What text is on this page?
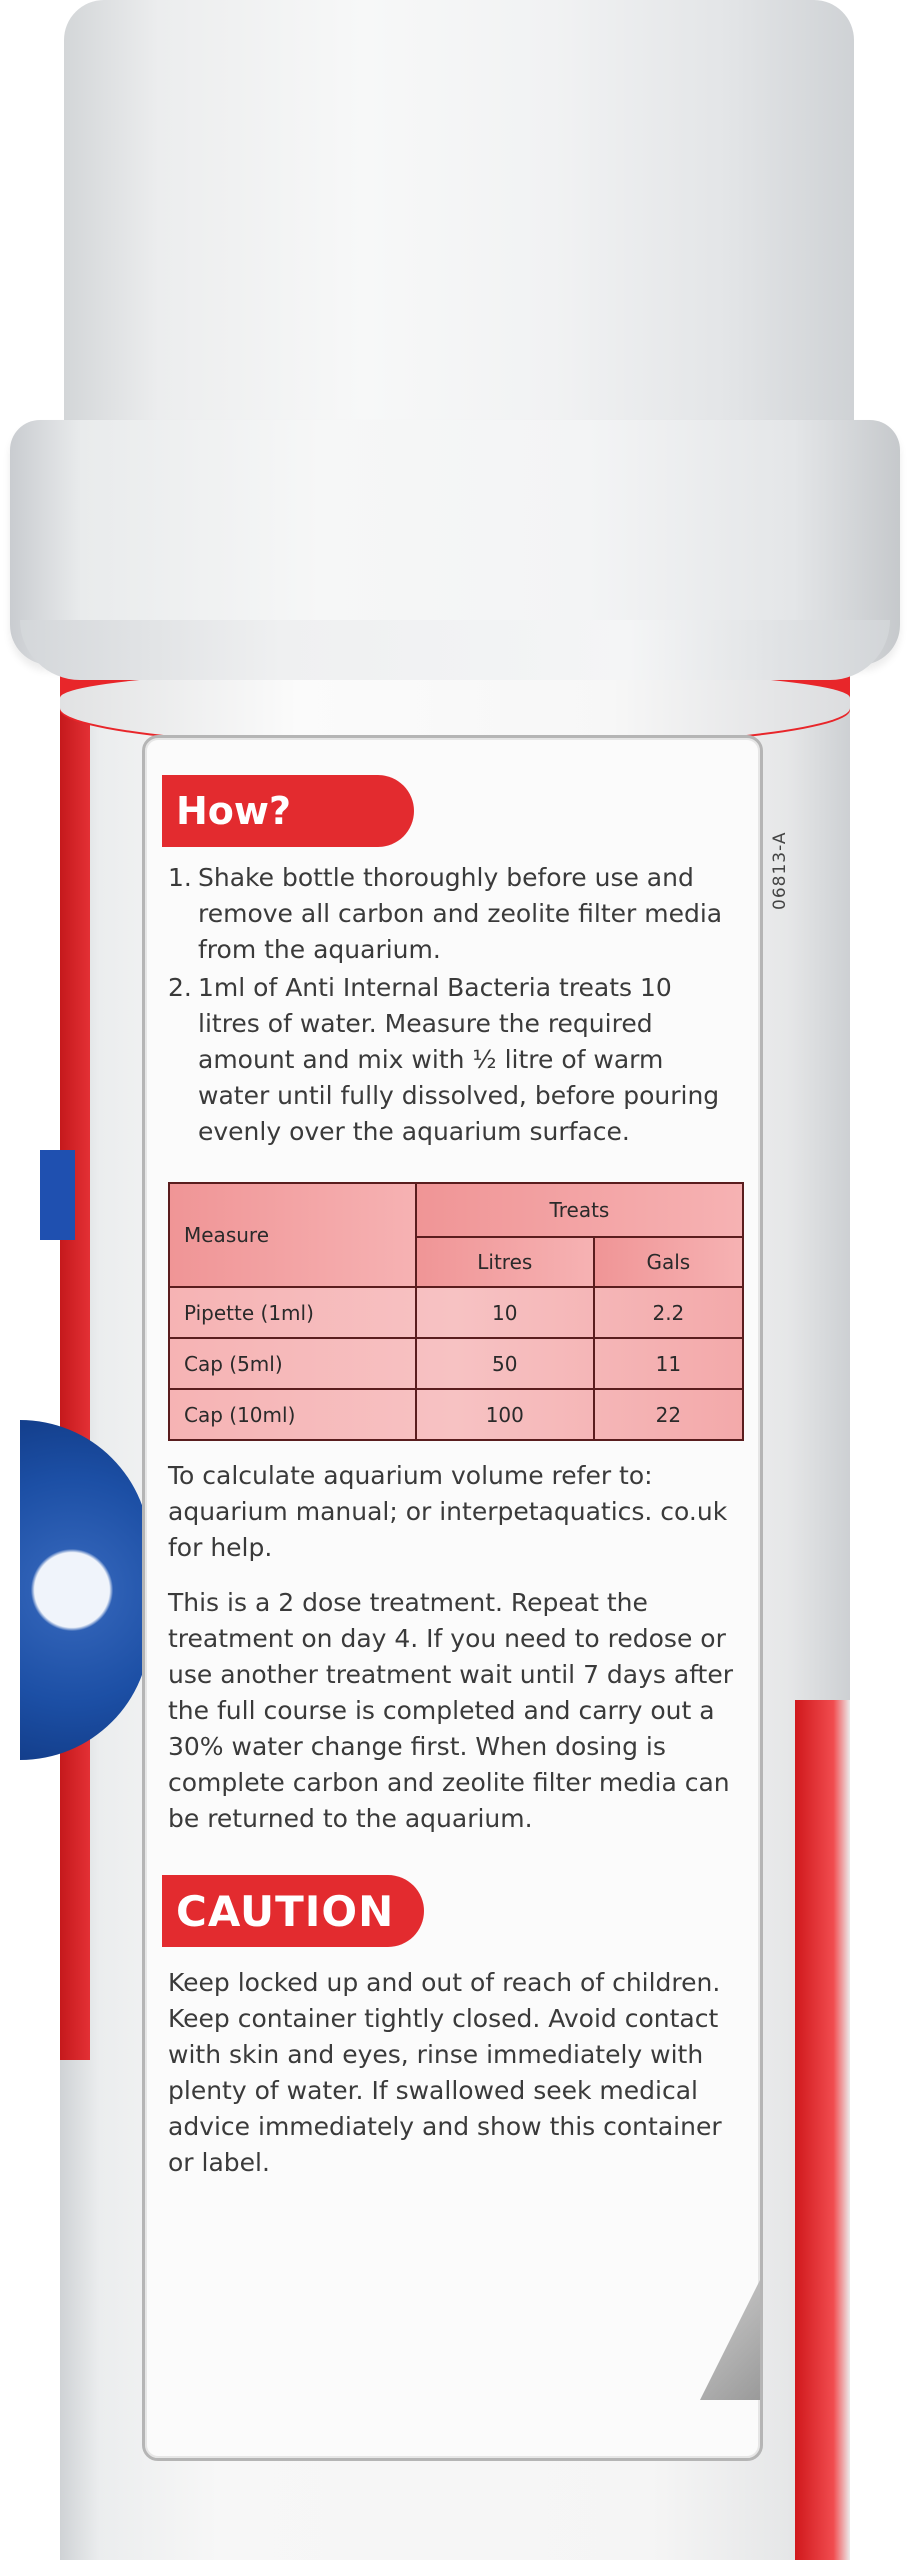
06813-A
How?
1. Shake bottle thoroughly before use and remove all carbon and zeolite filter media from the aquarium.
2. 1ml of Anti Internal Bacteria treats 10 litres of water. Measure the required amount and mix with ½ litre of warm water until fully dissolved, before pouring evenly over the aquarium surface.
Measure	Treats	
	Litres	Gals
Pipette (1ml)	10	2.2
Cap (5ml)	50	11
Cap (10ml)	100	22
To calculate aquarium volume refer to: aquarium manual; or interpetaquatics. co.uk for help.
This is a 2 dose treatment. Repeat the treatment on day 4. If you need to redose or use another treatment wait until 7 days after the full course is completed and carry out a 30% water change first. When dosing is complete carbon and zeolite filter media can be returned to the aquarium.
CAUTION
Keep locked up and out of reach of children. Keep container tightly closed. Avoid contact with skin and eyes, rinse immediately with plenty of water. If swallowed seek medical advice immediately and show this container or label.
